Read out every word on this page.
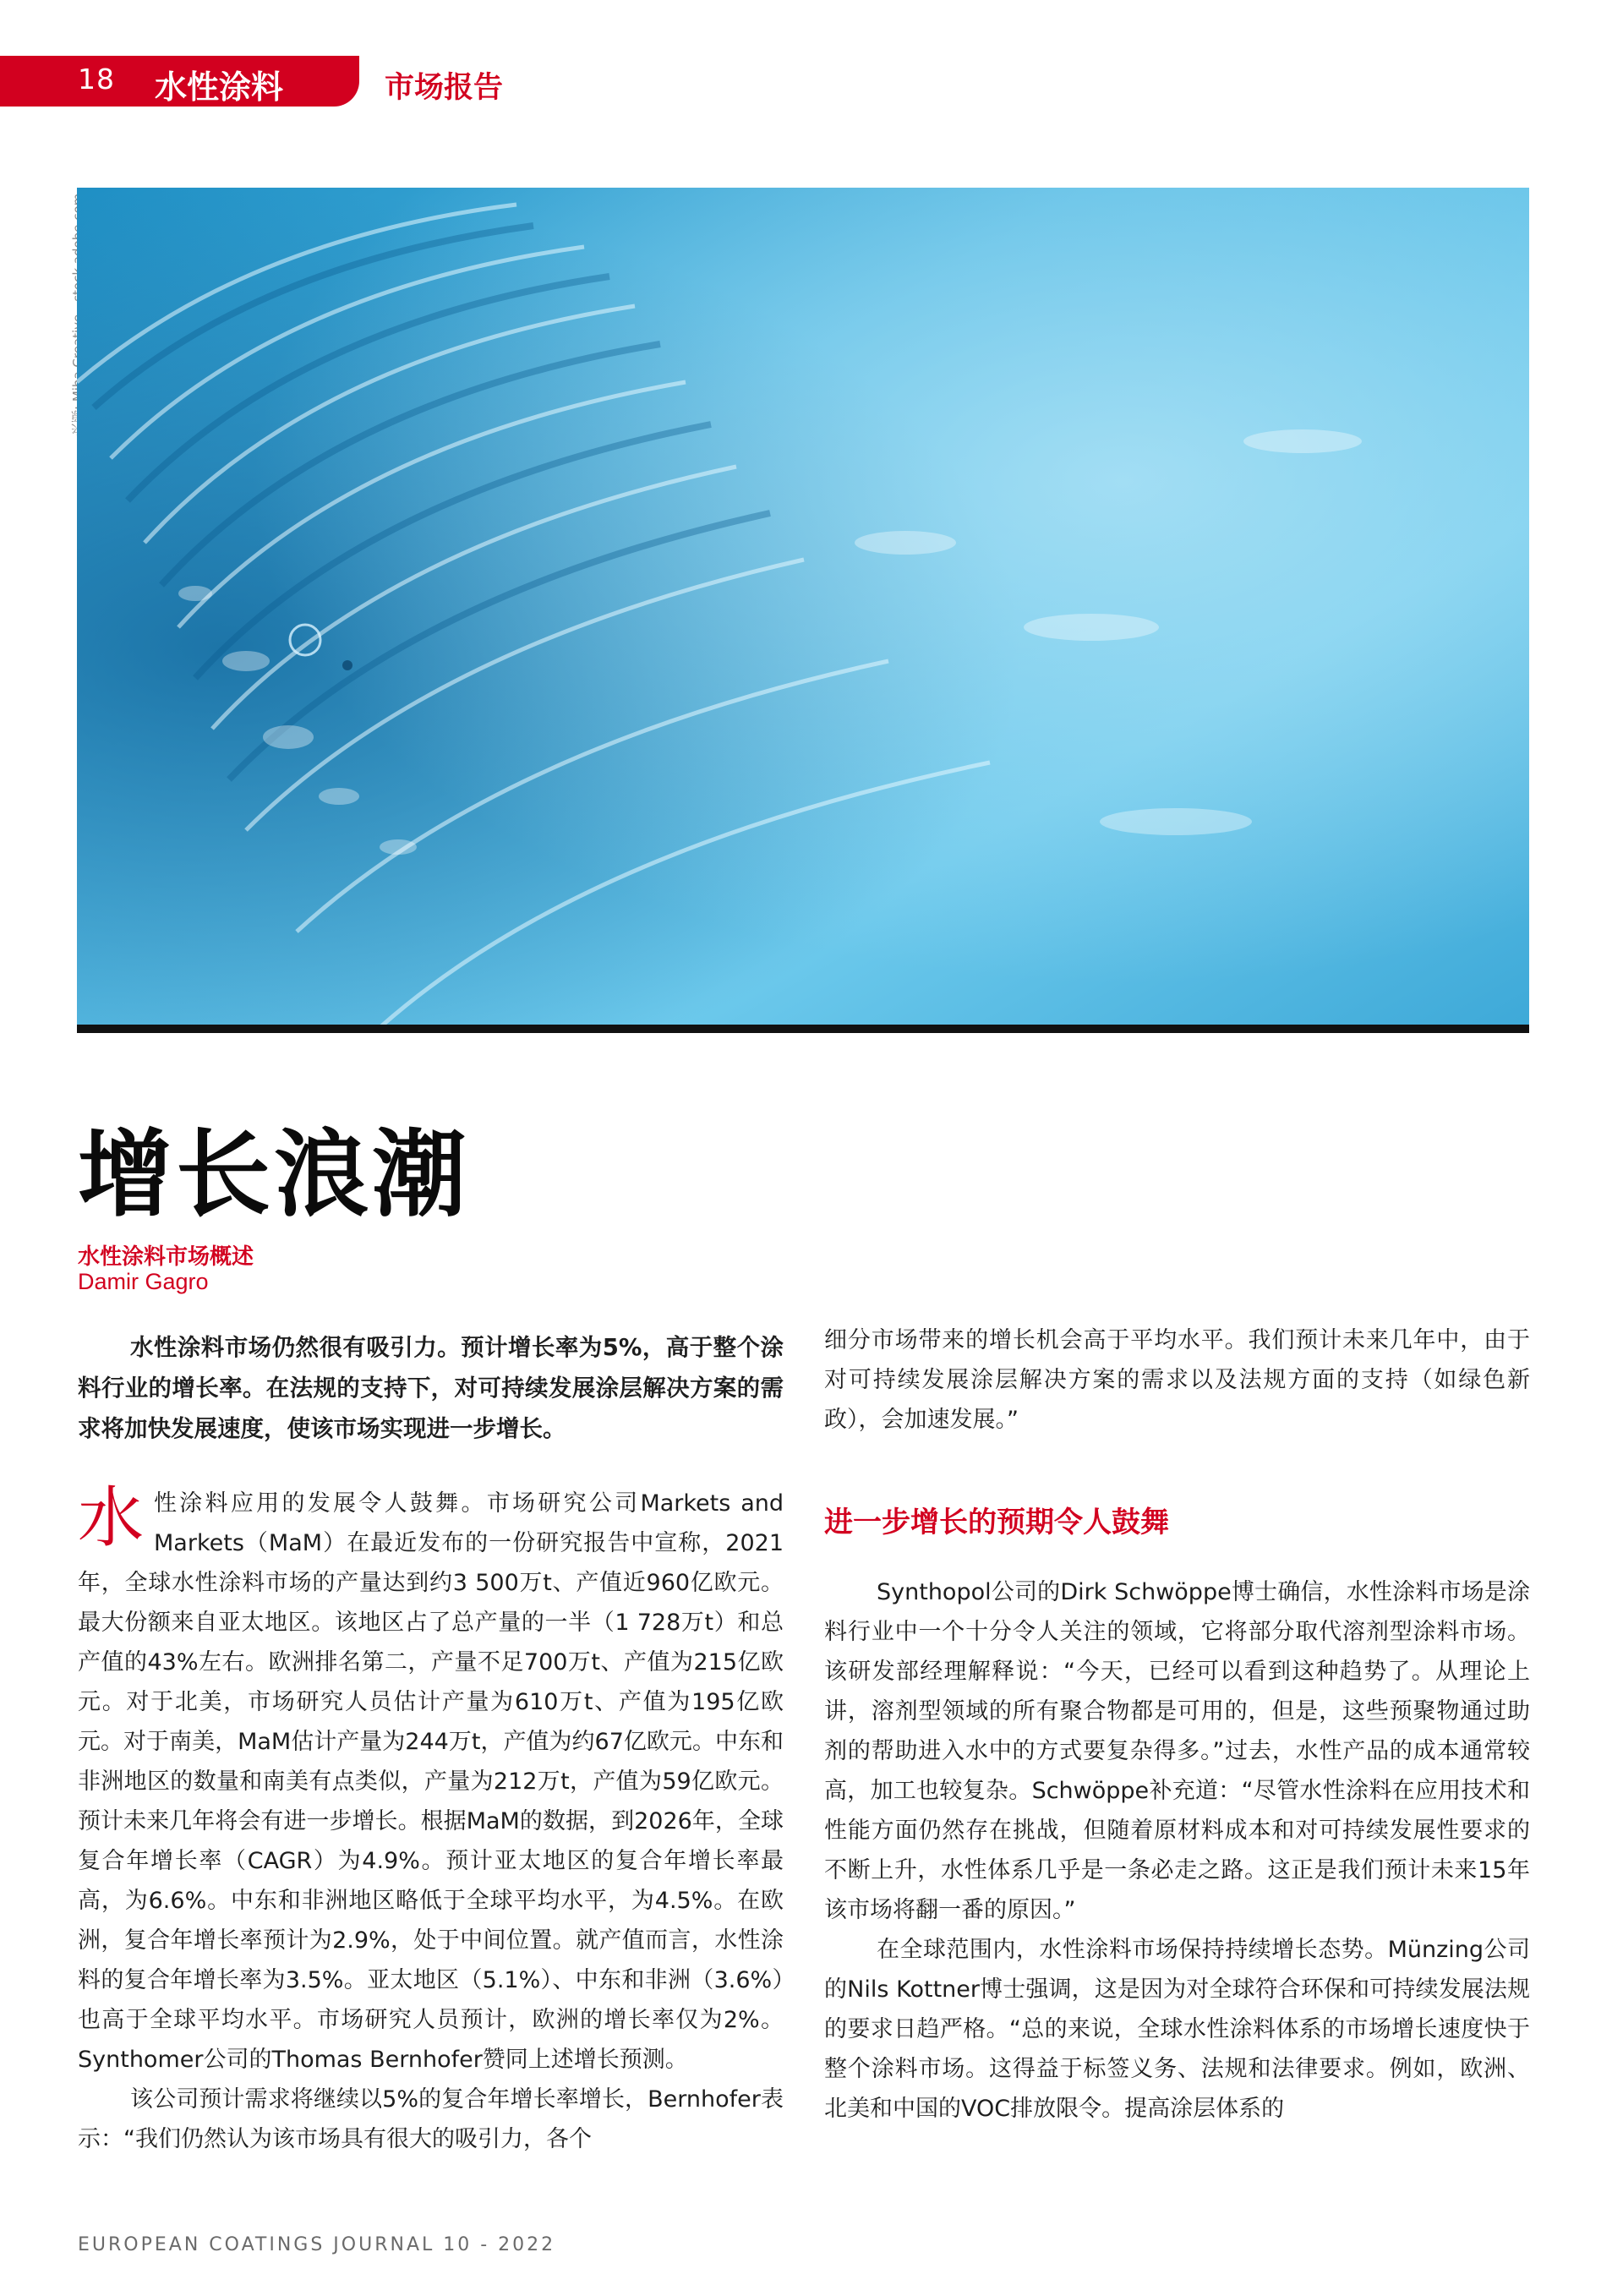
18 水性涂料	市场报告
增长浪潮
水性涂料市场概述
Damir Gagro
水性涂料市场仍然很有吸引力。预计增长率为5%，高于整个涂料行业的增长率。在法规的支持下，对可持续发展涂层解决方案的需求将加快发展速度，使该市场实现进一步增长。

水性涂料应用的发展令人鼓舞。市场研究公司Markets and Markets（MaM）在最近发布的一份研究报告中宣称，2021年，全球水性涂料市场的产量达到约3 500万t、产值近960亿欧元。最大份额来自亚太地区。该地区占了总产量的一半（1 728万t）和总产值的43%左右。欧洲排名第二，产量不足700万t、产值为215亿欧元。对于北美，市场研究人员估计产量为610万t、产值为195亿欧元。对于南美，MaM估计产量为244万t，产值为约67亿欧元。中东和非洲地区的数量和南美有点类似，产量为212万t，产值为59亿欧元。预计未来几年将会有进一步增长。根据MaM的数据，到2026年，全球复合年增长率（CAGR）为4.9%。预计亚太地区的复合年增长率最高，为6.6%。中东和非洲地区略低于全球平均水平，为4.5%。在欧洲，复合年增长率预计为2.9%，处于中间位置。就产值而言，水性涂料的复合年增长率为3.5%。亚太地区（5.1%）、中东和非洲（3.6%）也高于全球平均水平。市场研究人员预计，欧洲的增长率仅为2%。Synthomer公司的Thomas Bernhofer赞同上述增长预测。

该公司预计需求将继续以5%的复合年增长率增长，Bernhofer表示：“我们仍然认为该市场具有很大的吸引力，各个

细分市场带来的增长机会高于平均水平。我们预计未来几年中，由于对可持续发展涂层解决方案的需求以及法规方面的支持（如绿色新政），会加速发展。”
进一步增长的预期令人鼓舞

Synthopol公司的Dirk Schwöppe博士确信，水性涂料市场是涂料行业中一个十分令人关注的领域，它将部分取代溶剂型涂料市场。该研发部经理解释说：“今天，已经可以看到这种趋势了。从理论上讲，溶剂型领域的所有聚合物都是可用的，但是，这些预聚物通过助剂的帮助进入水中的方式要复杂得多。”过去，水性产品的成本通常较高，加工也较复杂。Schwöppe补充道：“尽管水性涂料在应用技术和性能方面仍然存在挑战，但随着原材料成本和对可持续发展性要求的不断上升，水性体系几乎是一条必走之路。这正是我们预计未来15年该市场将翻一番的原因。”

在全球范围内，水性涂料市场保持持续增长态势。Münzing公司的Nils Kottner博士强调，这是因为对全球符合环保和可持续发展法规的要求日趋严格。“总的来说，全球水性涂料体系的市场增长速度快于整个涂料市场。这得益于标签义务、法规和法律要求。例如，欧洲、北美和中国的VOC排放限令。提高涂层体系的

EUROPEAN COATINGS JOURNAL 10 - 2022
